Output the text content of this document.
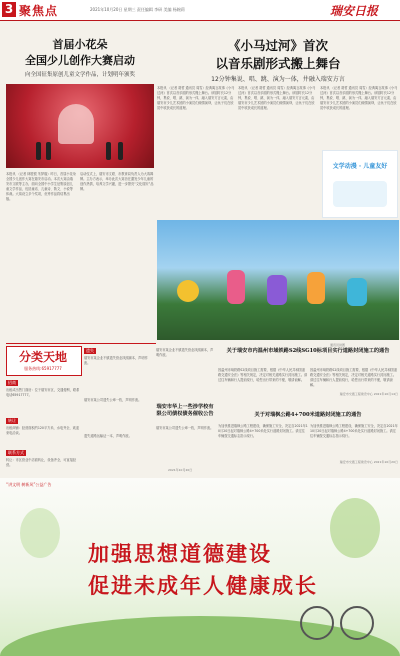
3 聚焦点	2021年10月20日 星期三 责任编辑 李研 美编 杨婉莉	瑞安日报
首届小花朵
全国少儿创作大赛启动
向全国征集原创儿童文学作品，计划明年颁奖
本报讯 （记者 林胜银 朱梦璇）昨日，首届小花朵全国少儿创作大赛在瑞安市启动。本次大赛由瑞安市文联等主办，面向全国中小学生征集原创儿童文学作品，包括童话、儿童诗、散文、小说等体裁。大赛设立多个奖项，优秀作品将结集出版。
启动仪式上，瑞安市文联、市教育局负责人为大赛揭牌。主办方表示，举办此次大赛旨在激发少年儿童的创作热情，培养文学兴趣，进一步擦亮“文化瑞安”品牌。
《小马过河》首次
以音乐剧形式搬上舞台
12分钟集说、唱、跳、演为一体，井融入瑞安方言
本报讯 （记者 胡哲 通讯员 周雪）经典寓言故事《小马过河》首次以音乐剧的形式搬上舞台。该剧时长12分钟，集说、唱、跳、演为一体，融入瑞安方言元素，由瑞安市少儿艺术团的小演员们倾情演绎，让孩子们在欣赏中收获成长的道理。
本报讯 （记者 胡哲 通讯员 周雪）经典寓言故事《小马过河》首次以音乐剧的形式搬上舞台。该剧时长12分钟，集说、唱、跳、演为一体，融入瑞安方言元素，由瑞安市少儿艺术团的小演员们倾情演绎，让孩子们在欣赏中收获成长的道理。
本报讯 （记者 胡哲 通讯员 周雪）经典寓言故事《小马过河》首次以音乐剧的形式搬上舞台。该剧时长12分钟，集说、唱、跳、演为一体，融入瑞安方言元素，由瑞安市少儿艺术团的小演员们倾情演绎，让孩子们在欣赏中收获成长的道理。
文学动漫 · 儿童友好
通讯员供图
分类天地
服务热线:65917777
招商
出租或出售门面房：位于瑞安市区，交通便利，联系电话65917777。
转让
出租商铺：经营面积约120平方米，水电齐全，欢迎来电洽谈。
联系方式
转让：市区营业中店面转让，设备齐全，可直接经营。
遗失
瑞安市某企业不慎遗失营业执照副本，声明作废。
瑞安市某公司遗失公章一枚，声明作废。
遗失道路运输证一本，声明作废。
瑞安市某企业不慎遗失营业执照副本，声明作废。
瑞安市华上一些涉学校有限公司债权债务催收公告
瑞安市某公司遗失公章一枚，声明作废。
2021年10月20日
关于瑞安市内温州市域铁路S2线SG10标项目实行道路封闭施工的通告
因温州市域铁路S2线项目施工需要，根据《中华人民共和国道路交通安全法》等相关规定，决定对相关道路实行封闭施工。请过往车辆和行人提前绕行，给您出行带来的不便，敬请谅解。
因温州市域铁路S2线项目施工需要，根据《中华人民共和国道路交通安全法》等相关规定，决定对相关道路实行封闭施工。请过往车辆和行人提前绕行，给您出行带来的不便，敬请谅解。
瑞安市交通工程建设中心 2021年10月14日
关于对瑞枫公路4+700米道路封闭施工的通告
为加快推进瑞枫公路工程建设，确保施工安全，决定自2021年10月20日起对瑞枫公路4+700米处实行道路封闭施工。请过往车辆按交通标志指示绕行。
为加快推进瑞枫公路工程建设，确保施工安全，决定自2021年10月20日起对瑞枫公路4+700米处实行道路封闭施工。请过往车辆按交通标志指示绕行。
瑞安市交通工程建设中心 2021年10月20日
“讲文明 树新风”公益广告
加强思想道德建设
促进未成年人健康成长
